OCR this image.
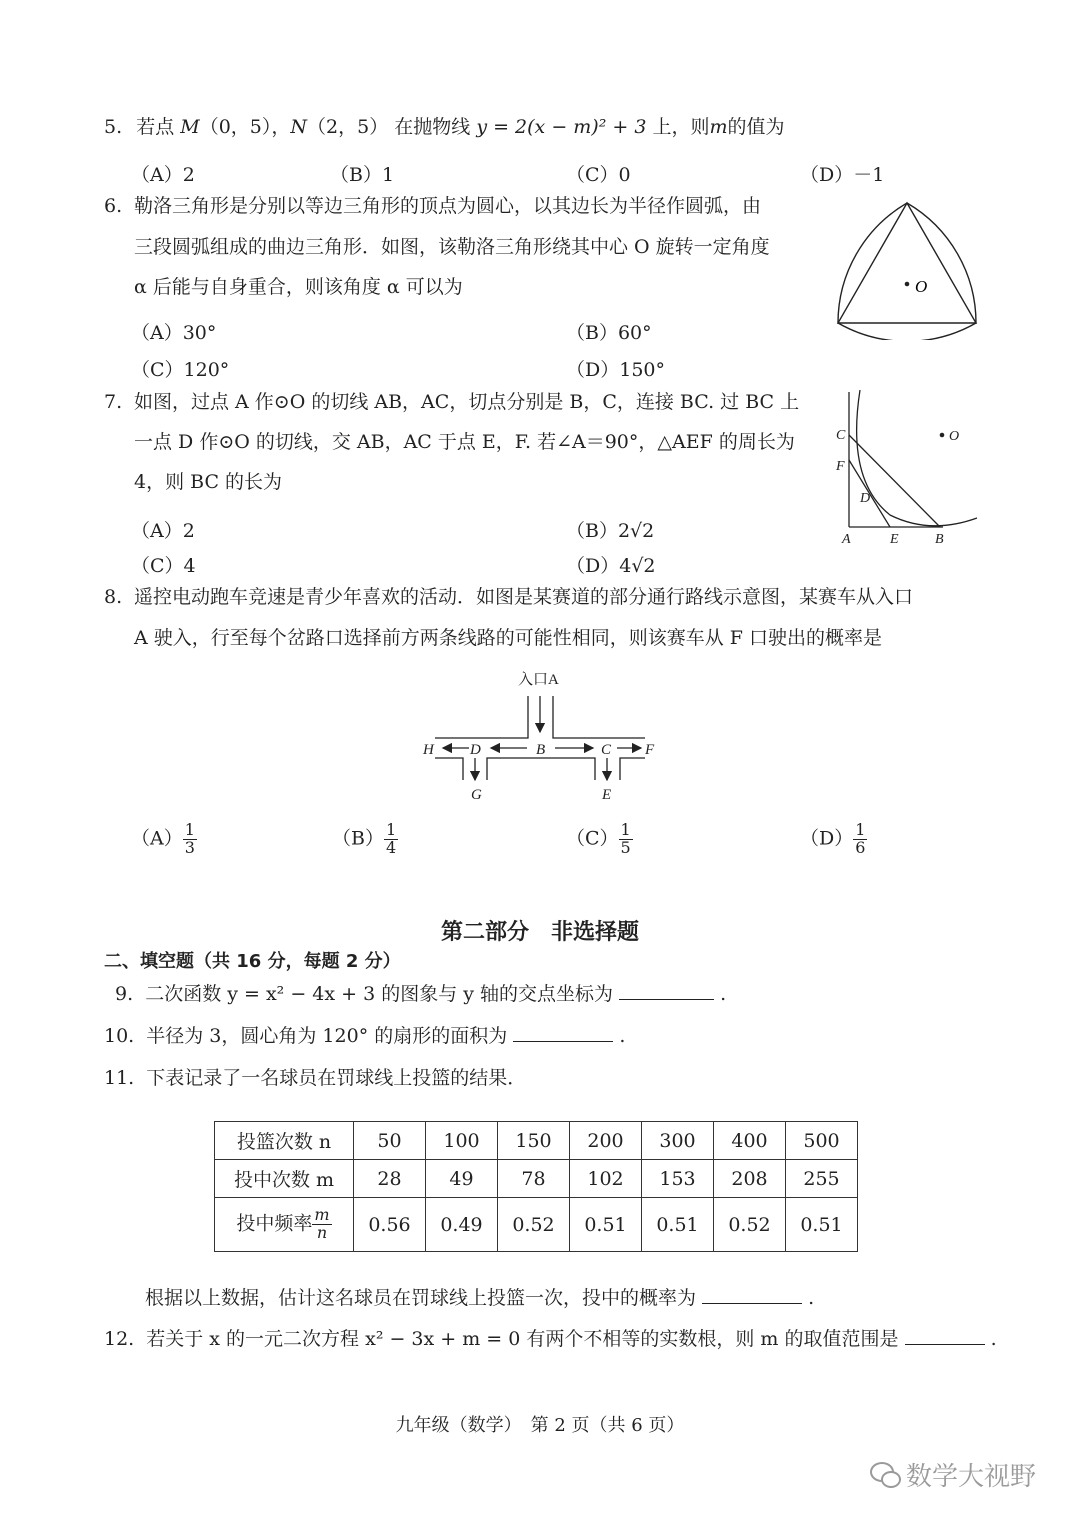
5. 若点 M（0，5），N（2，5） 在抛物线 y = 2(x − m)² + 3 上，则m的值为
（A）2	（B）1	（C）0	（D）－1
6. 勒洛三角形是分别以等边三角形的顶点为圆心，以其边长为半径作圆弧，由
三段圆弧组成的曲边三角形．如图，该勒洛三角形绕其中心 O 旋转一定角度
α 后能与自身重合，则该角度 α 可以为
（A）30°	（B）60°
（C）120°	（D）150°
O
7. 如图，过点 A 作⊙O 的切线 AB，AC，切点分别是 B，C，连接 BC. 过 BC 上
一点 D 作⊙O 的切线，交 AB，AC 于点 E，F. 若∠A＝90°，△AEF 的周长为
4，则 BC 的长为
（A）2	（B）2√2
（C）4	（D）4√2
C	O
F
D
A	E	B
8. 遥控电动跑车竞速是青少年喜欢的活动．如图是某赛道的部分通行路线示意图，某赛车从入口
A 驶入，行至每个岔路口选择前方两条线路的可能性相同，则该赛车从 F 口驶出的概率是
入口A
H D	B	C F
G	E
$(A) \frac{1}{3}$	$(B) \frac{1}{4}$	$(C) \frac{1}{5}$	$(D) \frac{1}{6}$
第二部分　非选择题
二、填空题（共 16 分，每题 2 分）
9. 二次函数 y = x² − 4x + 3 的图象与 y 轴的交点坐标为	.
10. 半径为 3，圆心角为 120° 的扇形的面积为	.
11. 下表记录了一名球员在罚球线上投篮的结果．
投篮次数 n	50	100	150	200	300	400	500
投中次数 m	28	49	78	102	153	208	255
投中频率 $\frac{m}{n}$	0.56	0.49	0.52	0.51	0.51	0.52	0.51
根据以上数据，估计这名球员在罚球线上投篮一次，投中的概率为	.
12. 若关于 x 的一元二次方程 x² − 3x + m = 0 有两个不相等的实数根，则 m 的取值范围是	.
九年级（数学）　第 2 页（共 6 页）
数学大视野
